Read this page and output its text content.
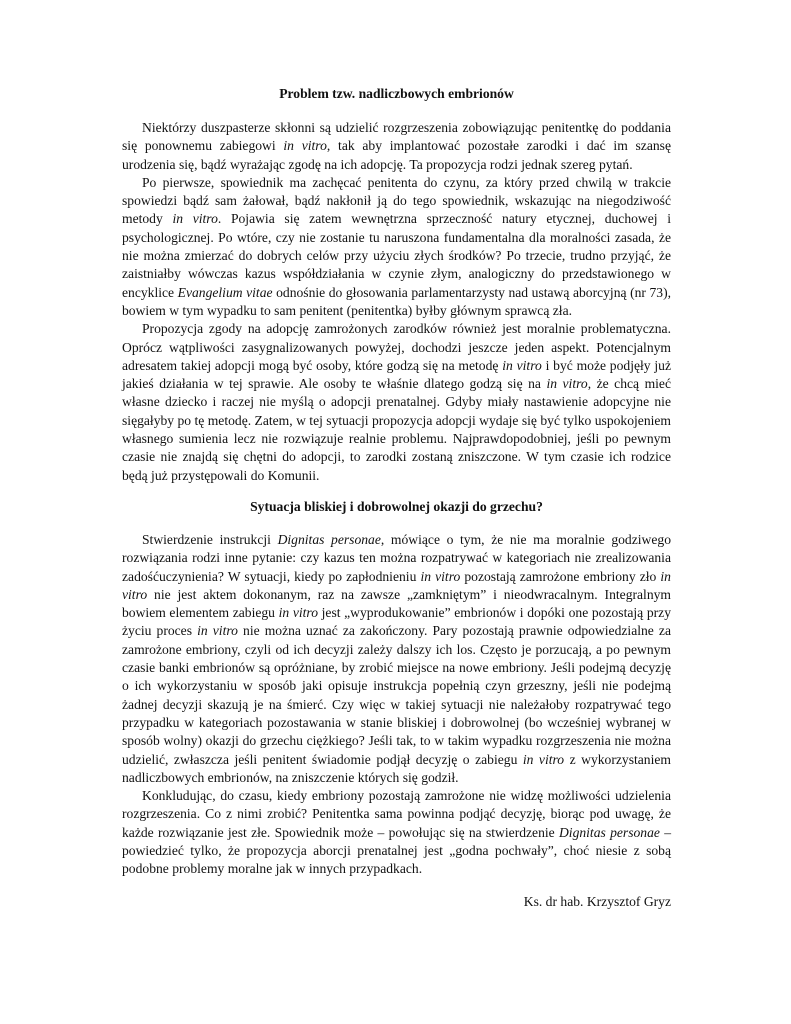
Problem tzw. nadliczbowych embrionów

Niektórzy duszpasterze skłonni są udzielić rozgrzeszenia zobowiązując penitentkę do poddania się ponownemu zabiegowi in vitro, tak aby implantować pozostałe zarodki i dać im szansę urodzenia się, bądź wyrażając zgodę na ich adopcję. Ta propozycja rodzi jednak szereg pytań.

Po pierwsze, spowiednik ma zachęcać penitenta do czynu, za który przed chwilą w trakcie spowiedzi bądź sam żałował, bądź nakłonił ją do tego spowiednik, wskazując na niegodziwość metody in vitro. Pojawia się zatem wewnętrzna sprzeczność natury etycznej, duchowej i psychologicznej. Po wtóre, czy nie zostanie tu naruszona fundamentalna dla moralności zasada, że nie można zmierzać do dobrych celów przy użyciu złych środków? Po trzecie, trudno przyjąć, że zaistniałby wówczas kazus współdziałania w czynie złym, analogiczny do przedstawionego w encyklice Evangelium vitae odnośnie do głosowania parlamentarzysty nad ustawą aborcyjną (nr 73), bowiem w tym wypadku to sam penitent (penitentka) byłby głównym sprawcą zła.

Propozycja zgody na adopcję zamrożonych zarodków również jest moralnie problematyczna. Oprócz wątpliwości zasygnalizowanych powyżej, dochodzi jeszcze jeden aspekt. Potencjalnym adresatem takiej adopcji mogą być osoby, które godzą się na metodę in vitro i być może podjęły już jakieś działania w tej sprawie. Ale osoby te właśnie dlatego godzą się na in vitro, że chcą mieć własne dziecko i raczej nie myślą o adopcji prenatalnej. Gdyby miały nastawienie adopcyjne nie sięgałyby po tę metodę. Zatem, w tej sytuacji propozycja adopcji wydaje się być tylko uspokojeniem własnego sumienia lecz nie rozwiązuje realnie problemu. Najprawdopodobniej, jeśli po pewnym czasie nie znajdą się chętni do adopcji, to zarodki zostaną zniszczone. W tym czasie ich rodzice będą już przystępowali do Komunii.

Sytuacja bliskiej i dobrowolnej okazji do grzechu?

Stwierdzenie instrukcji Dignitas personae, mówiące o tym, że nie ma moralnie godziwego rozwiązania rodzi inne pytanie: czy kazus ten można rozpatrywać w kategoriach nie zrealizowania zadośćuczynienia? W sytuacji, kiedy po zapłodnieniu in vitro pozostają zamrożone embriony zło in vitro nie jest aktem dokonanym, raz na zawsze „zamkniętym” i nieodwracalnym. Integralnym bowiem elementem zabiegu in vitro jest „wyprodukowanie” embrionów i dopóki one pozostają przy życiu proces in vitro nie można uznać za zakończony. Pary pozostają prawnie odpowiedzialne za zamrożone embriony, czyli od ich decyzji zależy dalszy ich los. Często je porzucają, a po pewnym czasie banki embrionów są opróżniane, by zrobić miejsce na nowe embriony. Jeśli podejmą decyzję o ich wykorzystaniu w sposób jaki opisuje instrukcja popełnią czyn grzeszny, jeśli nie podejmą żadnej decyzji skazują je na śmierć. Czy więc w takiej sytuacji nie należałoby rozpatrywać tego przypadku w kategoriach pozostawania w stanie bliskiej i dobrowolnej (bo wcześniej wybranej w sposób wolny) okazji do grzechu ciężkiego? Jeśli tak, to w takim wypadku rozgrzeszenia nie można udzielić, zwłaszcza jeśli penitent świadomie podjął decyzję o zabiegu in vitro z wykorzystaniem nadliczbowych embrionów, na zniszczenie których się godził.

Konkludując, do czasu, kiedy embriony pozostają zamrożone nie widzę możliwości udzielenia rozgrzeszenia. Co z nimi zrobić? Penitentka sama powinna podjąć decyzję, biorąc pod uwagę, że każde rozwiązanie jest złe. Spowiednik może – powołując się na stwierdzenie Dignitas personae – powiedzieć tylko, że propozycja aborcji prenatalnej jest „godna pochwały”, choć niesie z sobą podobne problemy moralne jak w innych przypadkach.

Ks. dr hab. Krzysztof Gryz
